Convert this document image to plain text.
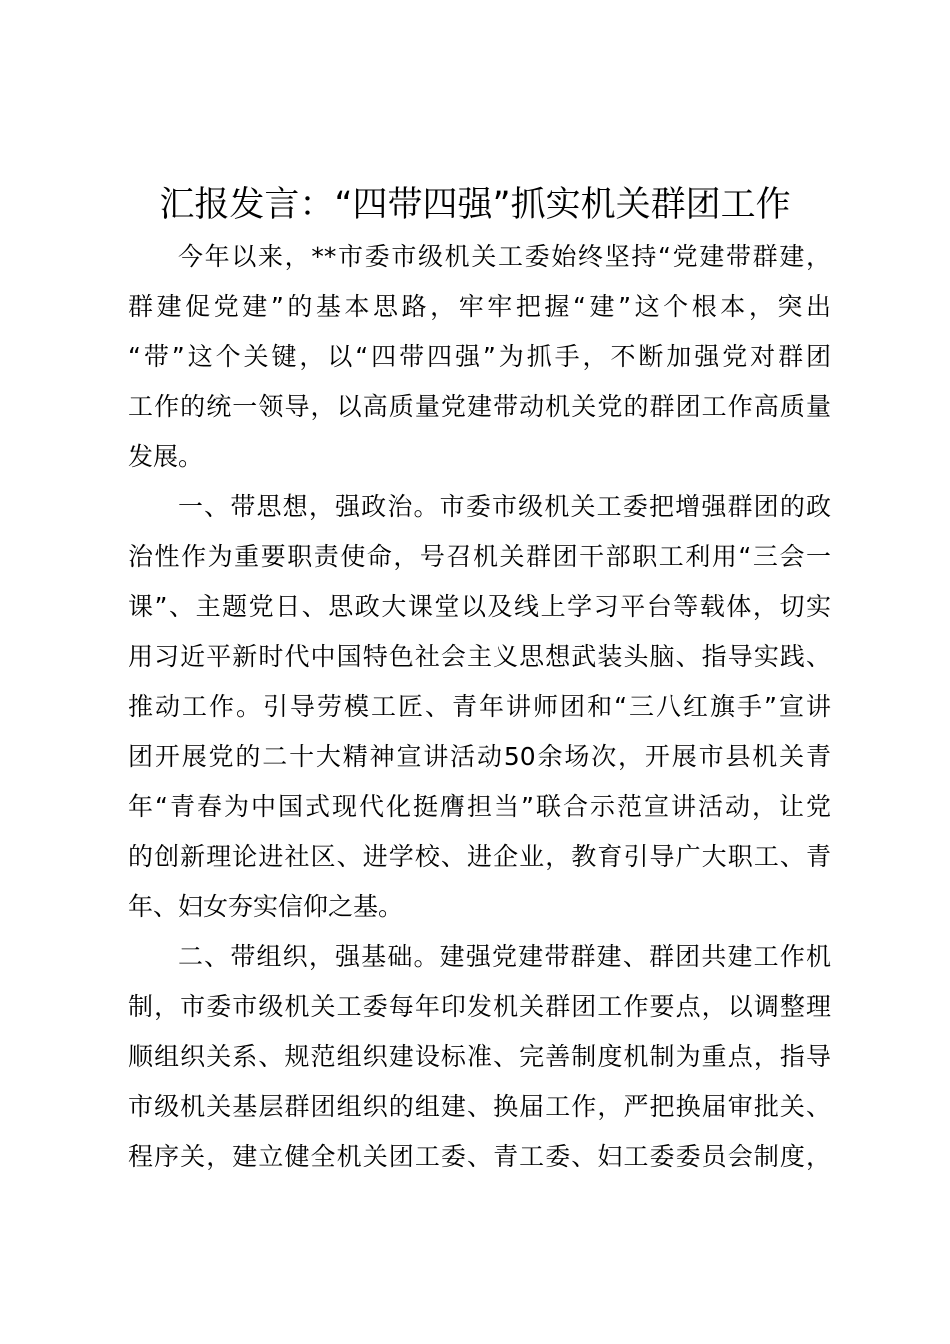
汇报发言：“四带四强”抓实机关群团工作
今年以来，**市委市级机关工委始终坚持“党建带群建，
群建促党建”的基本思路，牢牢把握“建”这个根本，突出
“带”这个关键，以“四带四强”为抓手，不断加强党对群团
工作的统一领导，以高质量党建带动机关党的群团工作高质量
发展。
一、带思想，强政治。市委市级机关工委把增强群团的政
治性作为重要职责使命，号召机关群团干部职工利用“三会一
课”、主题党日、思政大课堂以及线上学习平台等载体，切实
用习近平新时代中国特色社会主义思想武装头脑、指导实践、
推动工作。引导劳模工匠、青年讲师团和“三八红旗手”宣讲
团开展党的二十大精神宣讲活动50余场次，开展市县机关青
年“青春为中国式现代化挺膺担当”联合示范宣讲活动，让党
的创新理论进社区、进学校、进企业，教育引导广大职工、青
年、妇女夯实信仰之基。
二、带组织，强基础。建强党建带群建、群团共建工作机
制，市委市级机关工委每年印发机关群团工作要点，以调整理
顺组织关系、规范组织建设标准、完善制度机制为重点，指导
市级机关基层群团组织的组建、换届工作，严把换届审批关、
程序关，建立健全机关团工委、青工委、妇工委委员会制度，
